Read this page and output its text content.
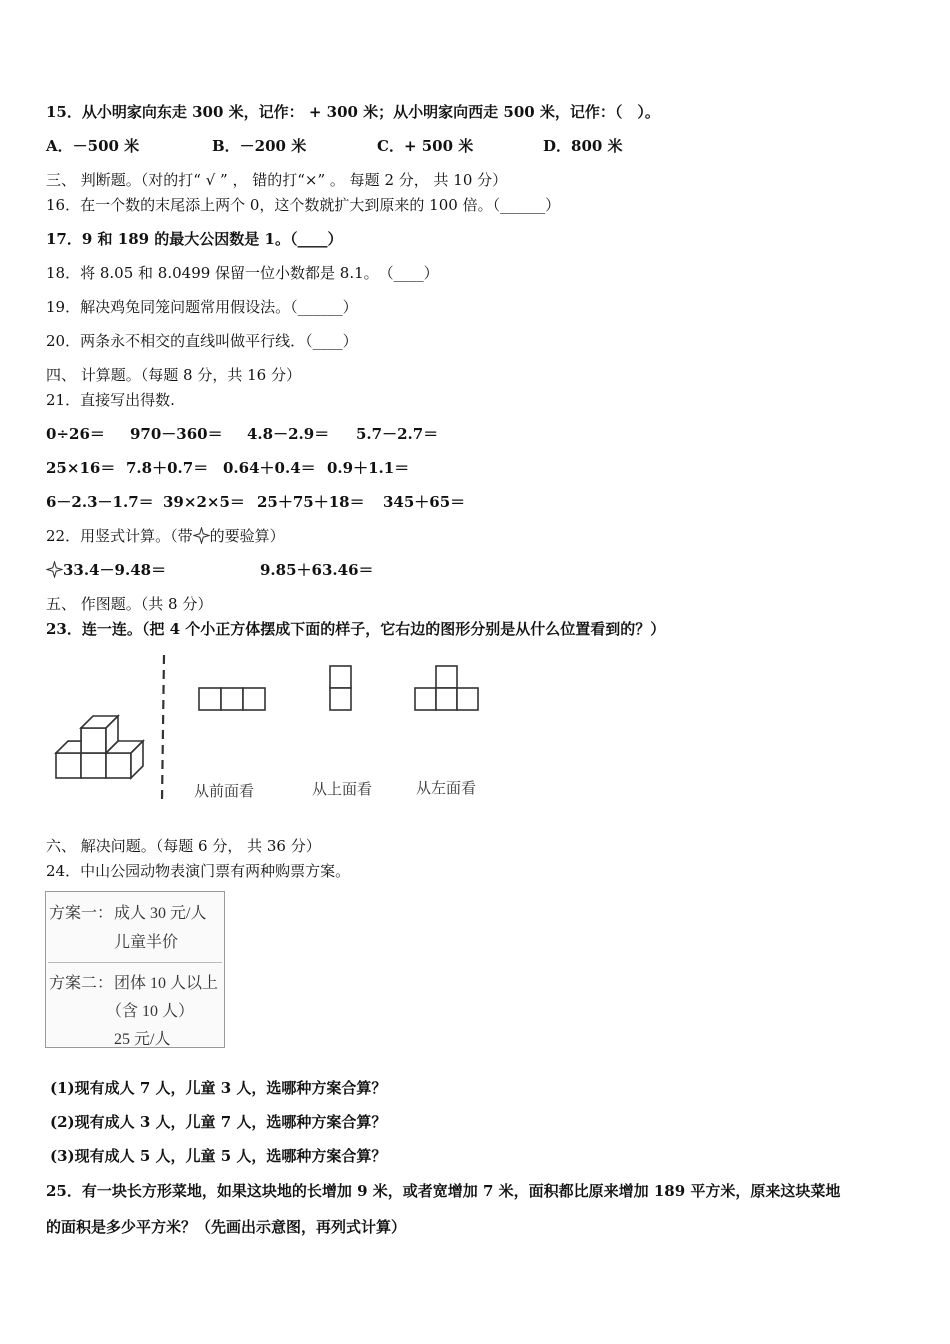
15．从小明家向东走 300 米，记作： + 300 米；从小明家向西走 500 米，记作：（　）。
A．－500 米	B．－200 米	C．+ 500 米	D．800 米
三、 判断题。（对的打“ √ ” ， 错的打“×” 。 每题 2 分， 共 10 分）
16．在一个数的末尾添上两个 0，这个数就扩大到原来的 100 倍。（______）
17．9 和 189 的最大公因数是 1。（____）
18．将 8.05 和 8.0499 保留一位小数都是 8.1。　（____）
19．解决鸡兔同笼问题常用假设法。（______）
20．两条永不相交的直线叫做平行线．（____）
四、 计算题。（每题 8 分，共 16 分）
21．直接写出得数.
0÷26＝ 970－360＝ 4.8－2.9＝ 5.7－2.7＝
25×16＝ 7.8＋0.7＝ 0.64＋0.4＝ 0.9＋1.1＝
6－2.3－1.7＝ 39×2×5＝ 25＋75＋18＝ 345＋65＝
22．用竖式计算。（带 的要验算）
33.4－9.48＝	9.85＋63.46＝
五、 作图题。（共 8 分）
23．连一连。（把 4 个小正方体摆成下面的样子，它右边的图形分别是从什么位置看到的？）
从前面看	从上面看	从左面看
六、 解决问题。（每题 6 分， 共 36 分）
24．中山公园动物表演门票有两种购票方案。
方案一： 成人 30 元/人
儿童半价
方案二： 团体 10 人以上
（含 10 人）
25 元/人
(1)现有成人 7 人，儿童 3 人，选哪种方案合算？
(2)现有成人 3 人，儿童 7 人，选哪种方案合算？
(3)现有成人 5 人，儿童 5 人，选哪种方案合算？
25．有一块长方形菜地，如果这块地的长增加 9 米，或者宽增加 7 米，面积都比原来增加 189 平方米，原来这块菜地
的面积是多少平方米？（先画出示意图，再列式计算）
